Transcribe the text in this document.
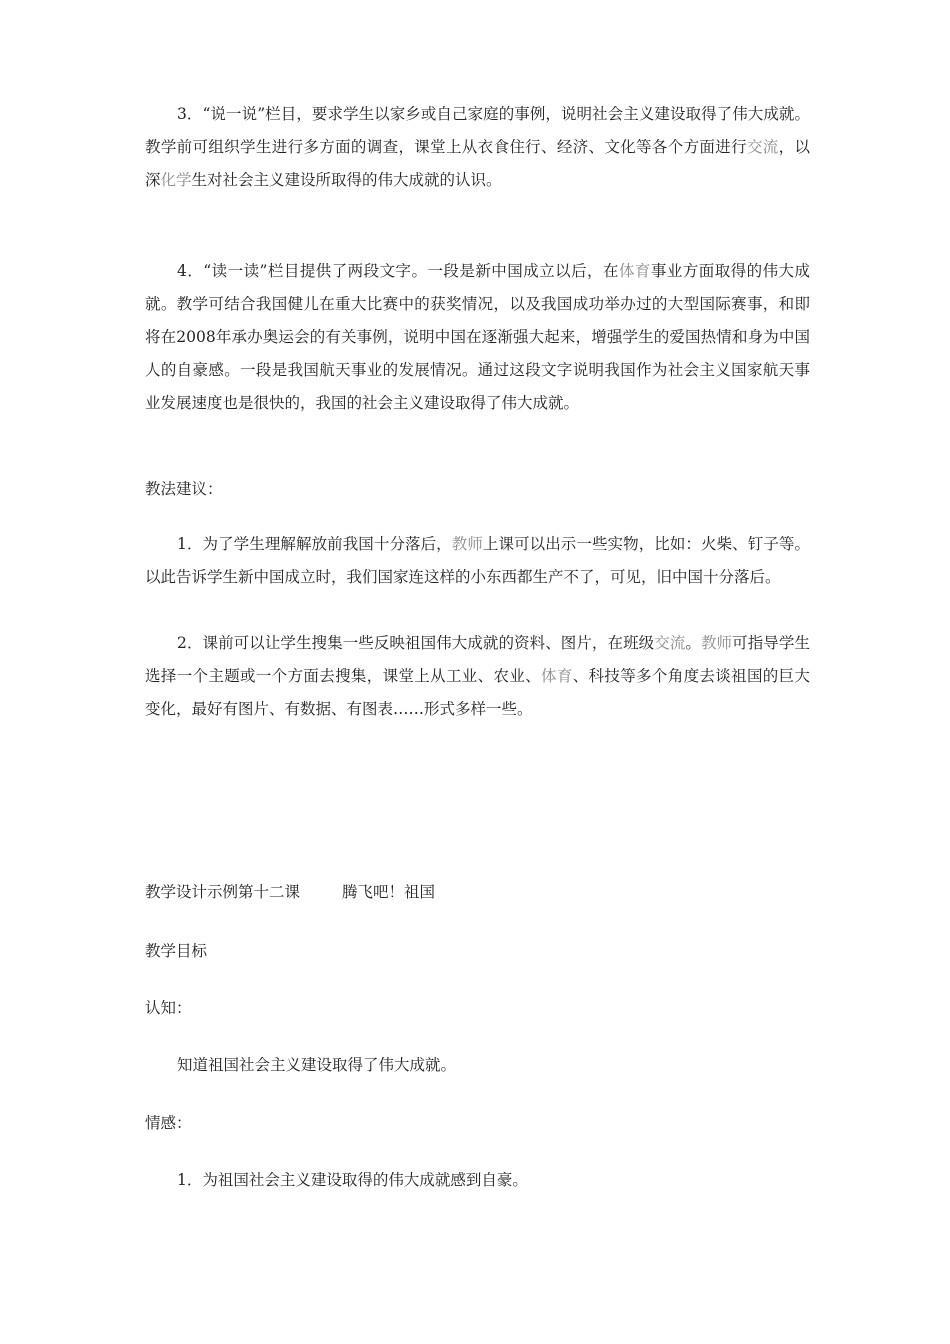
3．“说一说”栏目，要求学生以家乡或自己家庭的事例，说明社会主义建设取得了伟大成就。教学前可组织学生进行多方面的调查，课堂上从衣食住行、经济、文化等各个方面进行交流，以深化学生对社会主义建设所取得的伟大成就的认识。

4．“读一读”栏目提供了两段文字。一段是新中国成立以后，在体育事业方面取得的伟大成就。教学可结合我国健儿在重大比赛中的获奖情况，以及我国成功举办过的大型国际赛事，和即将在2008年承办奥运会的有关事例，说明中国在逐渐强大起来，增强学生的爱国热情和身为中国人的自豪感。一段是我国航天事业的发展情况。通过这段文字说明我国作为社会主义国家航天事业发展速度也是很快的，我国的社会主义建设取得了伟大成就。

教法建议：

1．为了学生理解解放前我国十分落后，教师上课可以出示一些实物，比如：火柴、钉子等。以此告诉学生新中国成立时，我们国家连这样的小东西都生产不了，可见，旧中国十分落后。

2．课前可以让学生搜集一些反映祖国伟大成就的资料、图片，在班级交流。教师可指导学生选择一个主题或一个方面去搜集，课堂上从工业、农业、体育、科技等多个角度去谈祖国的巨大变化，最好有图片、有数据、有图表……形式多样一些。

教学设计示例第十二课	腾飞吧！祖国
教学目标
认知：
知道祖国社会主义建设取得了伟大成就。
情感：
1．为祖国社会主义建设取得的伟大成就感到自豪。
